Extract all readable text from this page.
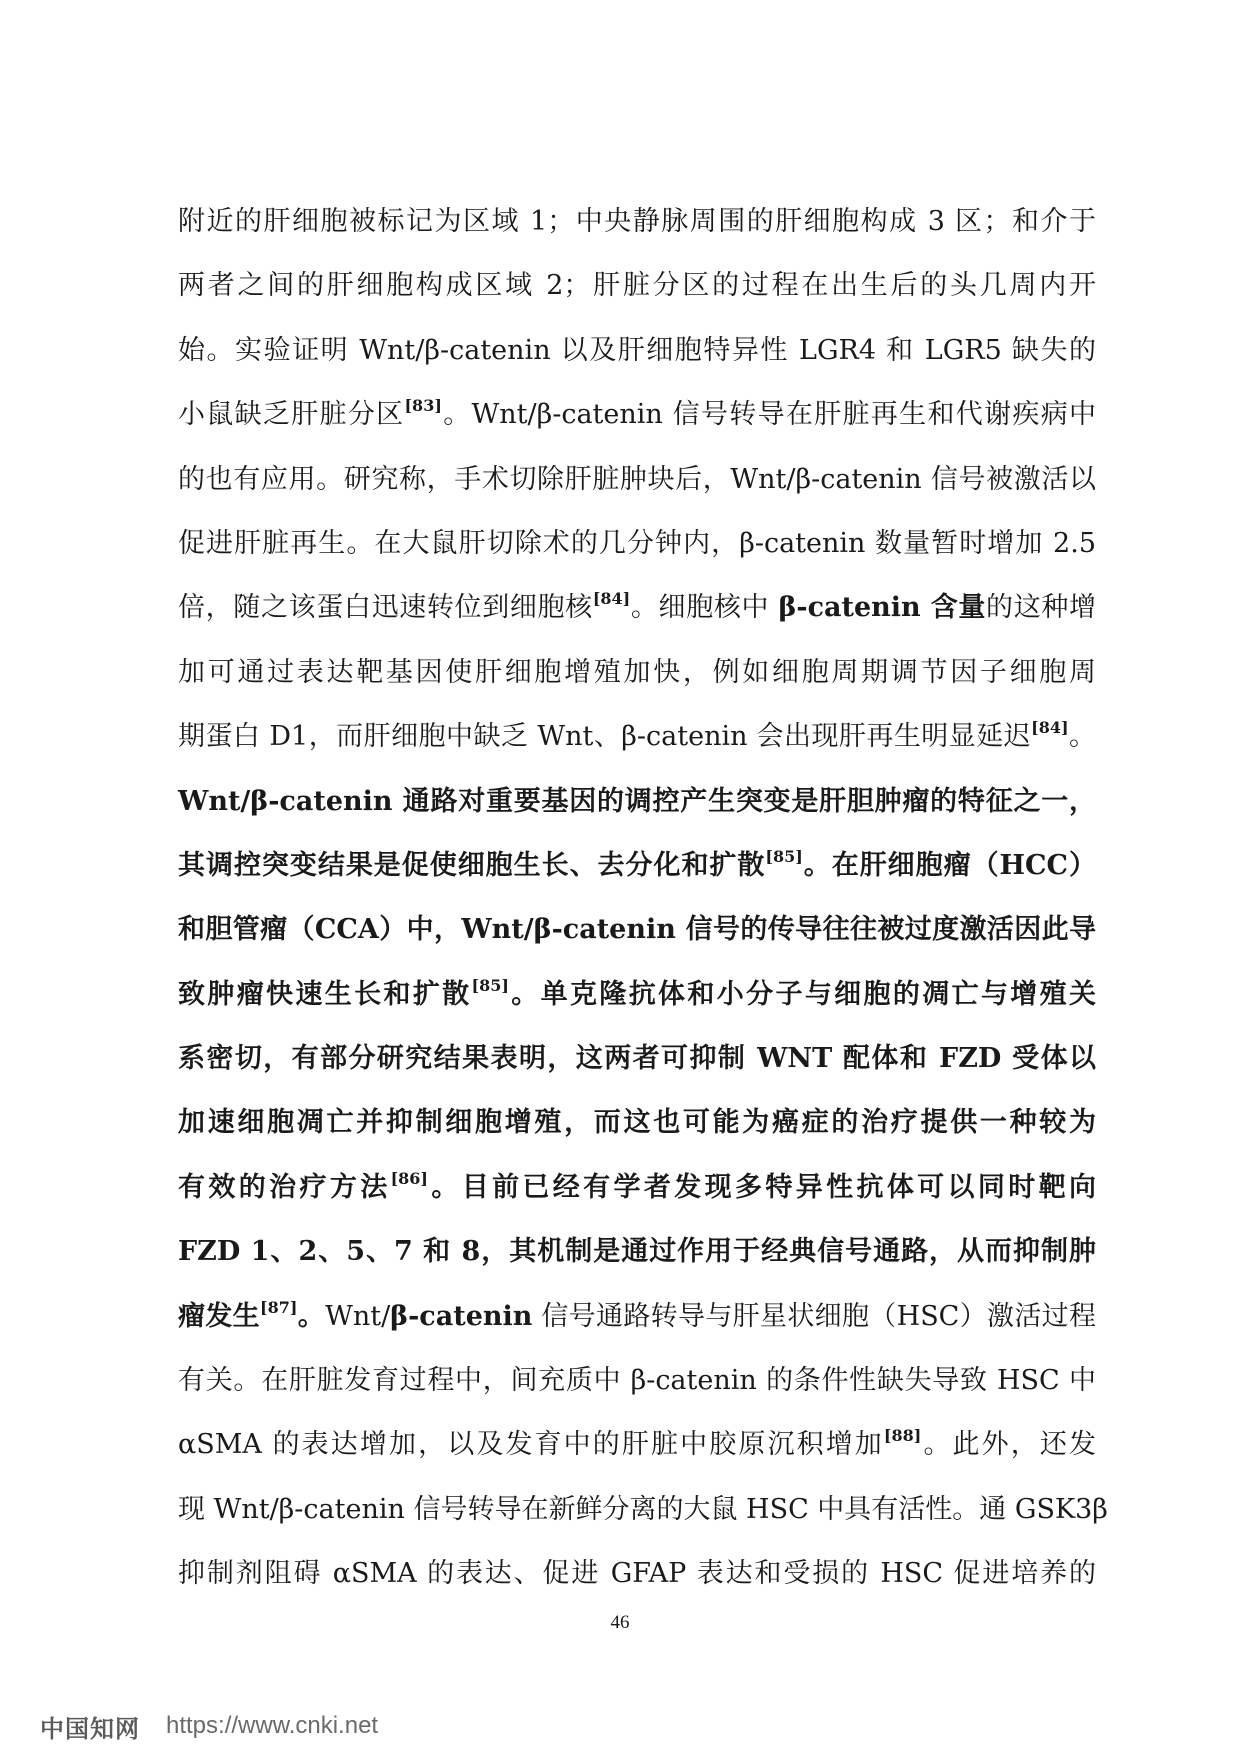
附近的肝细胞被标记为区域 1；中央静脉周围的肝细胞构成 3 区；和介于
两者之间的肝细胞构成区域 2；肝脏分区的过程在出生后的头几周内开
始。实验证明 Wnt/β-catenin 以及肝细胞特异性 LGR4 和 LGR5 缺失的
小鼠缺乏肝脏分区[83]。Wnt/β-catenin 信号转导在肝脏再生和代谢疾病中
的也有应用。研究称，手术切除肝脏肿块后，Wnt/β-catenin 信号被激活以
促进肝脏再生。在大鼠肝切除术的几分钟内，β-catenin 数量暂时增加 2.5
倍，随之该蛋白迅速转位到细胞核[84]。细胞核中 β-catenin 含量的这种增
加可通过表达靶基因使肝细胞增殖加快，例如细胞周期调节因子细胞周
期蛋白 D1，而肝细胞中缺乏 Wnt、β-catenin 会出现肝再生明显延迟[84]。
Wnt/β-catenin 通路对重要基因的调控产生突变是肝胆肿瘤的特征之一，
其调控突变结果是促使细胞生长、去分化和扩散[85]。在肝细胞瘤（HCC）
和胆管瘤（CCA）中，Wnt/β-catenin 信号的传导往往被过度激活因此导
致肿瘤快速生长和扩散[85]。单克隆抗体和小分子与细胞的凋亡与增殖关
系密切，有部分研究结果表明，这两者可抑制 WNT 配体和 FZD 受体以
加速细胞凋亡并抑制细胞增殖，而这也可能为癌症的治疗提供一种较为
有效的治疗方法[86]。目前已经有学者发现多特异性抗体可以同时靶向
FZD 1、2、5、7 和 8，其机制是通过作用于经典信号通路，从而抑制肿
瘤发生[87]。Wnt/β-catenin 信号通路转导与肝星状细胞（HSC）激活过程
有关。在肝脏发育过程中，间充质中 β-catenin 的条件性缺失导致 HSC 中
αSMA 的表达增加，以及发育中的肝脏中胶原沉积增加[88]。此外，还发
现 Wnt/β-catenin 信号转导在新鲜分离的大鼠 HSC 中具有活性。通 GSK3β
抑制剂阻碍 αSMA 的表达、促进 GFAP 表达和受损的 HSC 促进培养的
46
中国知网 https://www.cnki.net
